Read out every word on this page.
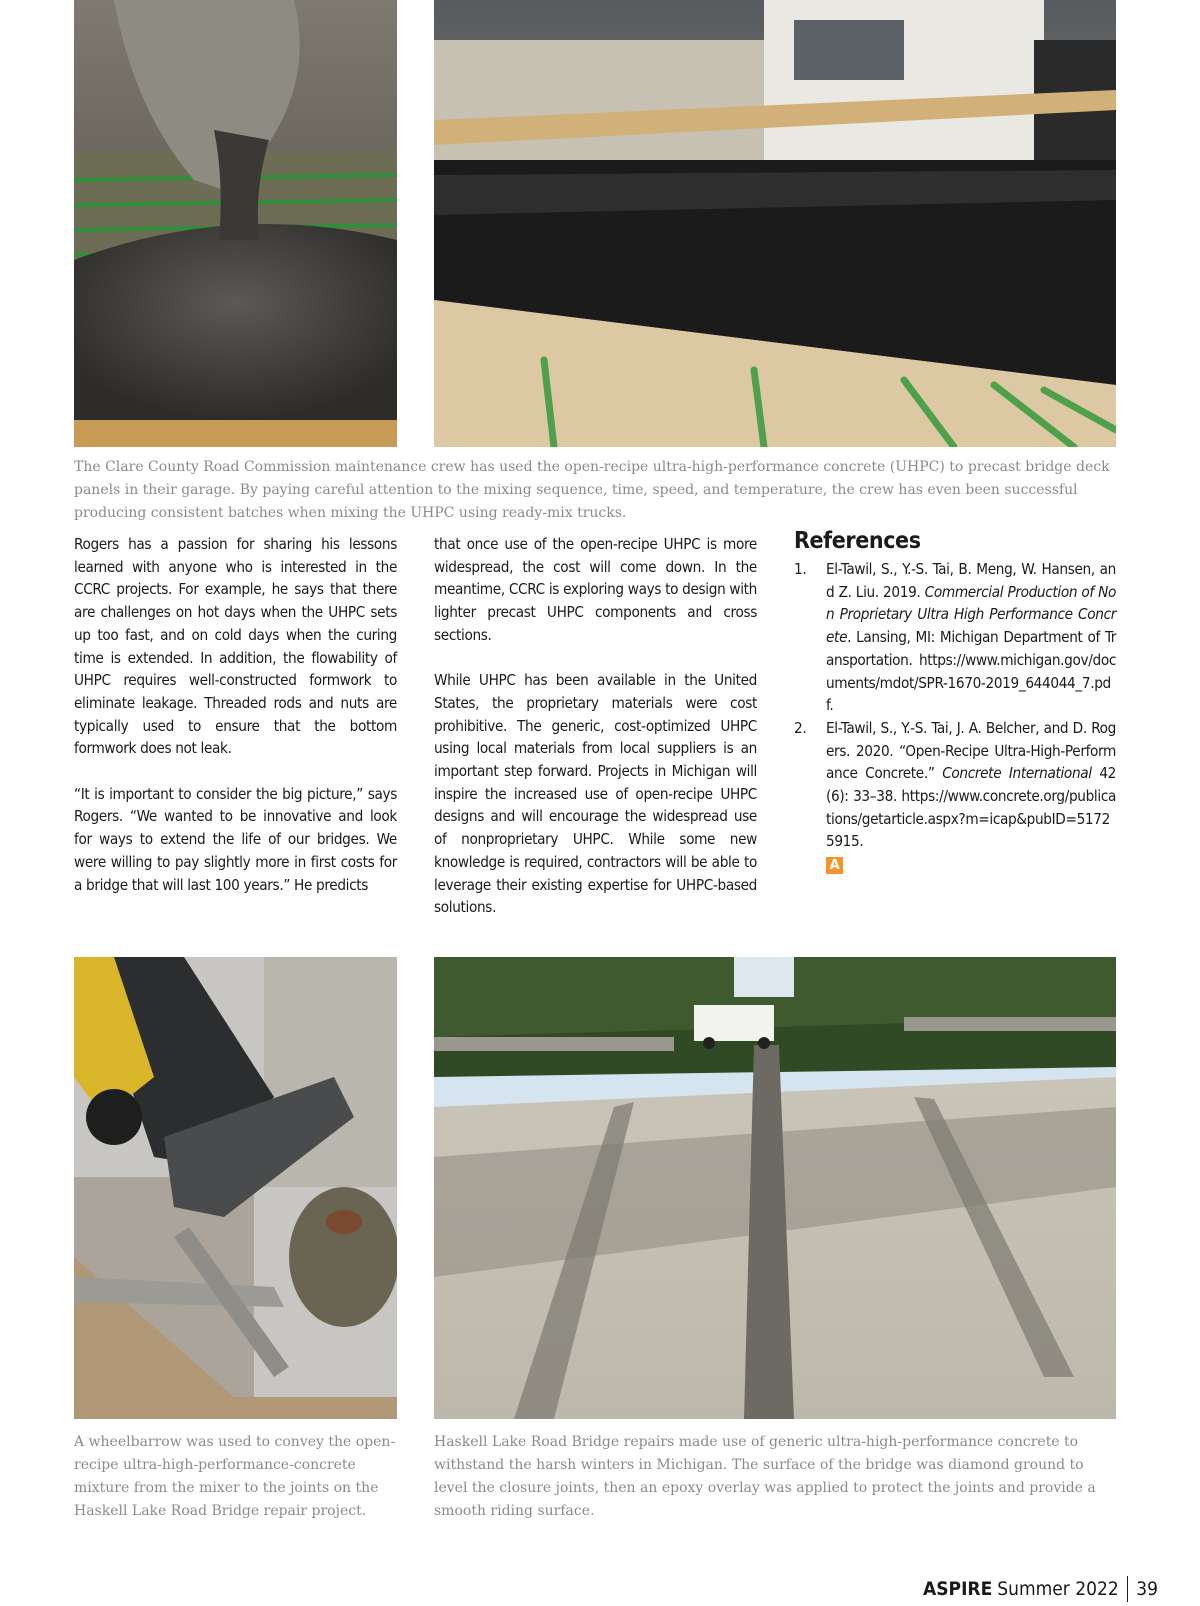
The Clare County Road Commission maintenance crew has used the open-recipe ultra-high-performance concrete (UHPC) to precast bridge deck panels in their garage. By paying careful attention to the mixing sequence, time, speed, and temperature, the crew has even been successful producing consistent batches when mixing the UHPC using ready-mix trucks.
A wheelbarrow was used to convey the open-recipe ultra-high-performance-concrete mixture from the mixer to the joints on the Haskell Lake Road Bridge repair project.
Haskell Lake Road Bridge repairs made use of generic ultra-high-performance concrete to withstand the harsh winters in Michigan. The surface of the bridge was diamond ground to level the closure joints, then an epoxy overlay was applied to protect the joints and provide a smooth riding surface.

Rogers has a passion for sharing his lessons learned with anyone who is interested in the CCRC projects. For example, he says that there are challenges on hot days when the UHPC sets up too fast, and on cold days when the curing time is extended. In addition, the flowability of UHPC requires well-constructed formwork to eliminate leakage. Threaded rods and nuts are typically used to ensure that the bottom formwork does not leak.

“It is important to consider the big picture,” says Rogers. “We wanted to be innovative and look for ways to extend the life of our bridges. We were willing to pay slightly more in first costs for a bridge that will last 100 years.” He predicts

that once use of the open-recipe UHPC is more widespread, the cost will come down. In the meantime, CCRC is exploring ways to design with lighter precast UHPC components and cross sections.

While UHPC has been available in the United States, the proprietary materials were cost prohibitive. The generic, cost-optimized UHPC using local materials from local suppliers is an important step forward. Projects in Michigan will inspire the increased use of open-recipe UHPC designs and will encourage the widespread use of nonproprietary UHPC. While some new knowledge is required, contractors will be able to leverage their existing expertise for UHPC-based solutions.

References
1. El-Tawil, S., Y.-S. Tai, B. Meng, W. Hansen, and Z. Liu. 2019. Commercial Production of Non Proprietary Ultra High Performance Concrete. Lansing, MI: Michigan Department of Transportation. https://www.michigan.gov/documents/mdot/SPR-1670-2019_644044_7.pdf.
2. El-Tawil, S., Y.-S. Tai, J. A. Belcher, and D. Rogers. 2020. “Open-Recipe Ultra-High-Performance Concrete.” Concrete International 42 (6): 33–38. https://www.concrete.org/publications/getarticle.aspx?m=icap&pubID=51725915.
A
ASPIRE Summer 2022 39
